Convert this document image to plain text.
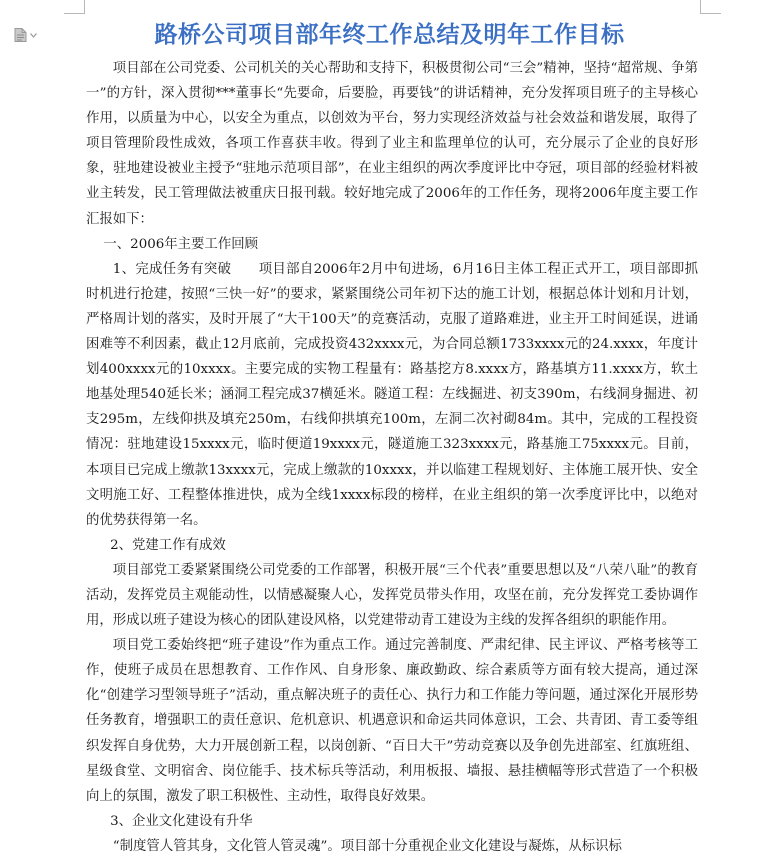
路桥公司项目部年终工作总结及明年工作目标

项目部在公司党委、公司机关的关心帮助和支持下，积极贯彻公司“三会”精神，坚持“超常规、争第一”的方针，深入贯彻***董事长“先要命，后要脸，再要钱”的讲话精神，充分发挥项目班子的主导核心作用，以质量为中心，以安全为重点，以创效为平台，努力实现经济效益与社会效益和谐发展，取得了项目管理阶段性成效，各项工作喜获丰收。得到了业主和监理单位的认可，充分展示了企业的良好形象，驻地建设被业主授予“驻地示范项目部”，在业主组织的两次季度评比中夺冠，项目部的经验材料被业主转发，民工管理做法被重庆日报刊载。较好地完成了2006年的工作任务，现将2006年度主要工作汇报如下：

一、2006年主要工作回顾

1、完成任务有突破　　项目部自2006年2月中旬进场，6月16日主体工程正式开工，项目部即抓时机进行抢建，按照“三快一好”的要求，紧紧围绕公司年初下达的施工计划，根据总体计划和月计划，严格周计划的落实，及时开展了“大干100天”的竞赛活动，克服了道路难进，业主开工时间延误，进诵困难等不利因素，截止12月底前，完成投资432xxxx元，为合同总额1733xxxx元的24.xxxx，年度计划400xxxx元的10xxxx。主要完成的实物工程量有：路基挖方8.xxxx方，路基填方11.xxxx方，软土地基处理540延长米；涵洞工程完成37横延米。隧道工程：左线掘进、初支390m，右线洞身掘进、初支295m，左线仰拱及填充250m，右线仰拱填充100m，左洞二次衬砌84m。其中，完成的工程投资情况：驻地建设15xxxx元，临时便道19xxxx元，隧道施工323xxxx元，路基施工75xxxx元。目前，本项目已完成上缴款13xxxx元，完成上缴款的10xxxx，并以临建工程规划好、主体施工展开快、安全文明施工好、工程整体推进快，成为全线1xxxx标段的榜样，在业主组织的第一次季度评比中，以绝对的优势获得第一名。

2、党建工作有成效

项目部党工委紧紧围绕公司党委的工作部署，积极开展“三个代表”重要思想以及“八荣八耻”的教育活动，发挥党员主观能动性，以情感凝聚人心，发挥党员带头作用，攻坚在前，充分发挥党工委协调作用，形成以班子建设为核心的团队建设风格，以党建带动青工建设为主线的发挥各组织的职能作用。

项目党工委始终把“班子建设”作为重点工作。通过完善制度、严肃纪律、民主评议、严格考核等工作，使班子成员在思想教育、工作作风、自身形象、廉政勤政、综合素质等方面有较大提高，通过深化“创建学习型领导班子”活动，重点解决班子的责任心、执行力和工作能力等问题，通过深化开展形势任务教育，增强职工的责任意识、危机意识、机遇意识和命运共同体意识，工会、共青团、青工委等组织发挥自身优势，大力开展创新工程，以岗创新、“百日大干”劳动竞赛以及争创先进部室、红旗班组、星级食堂、文明宿舍、岗位能手、技术标兵等活动，利用板报、墙报、悬挂横幅等形式营造了一个积极向上的氛围，激发了职工积极性、主动性，取得良好效果。

3、企业文化建设有升华

“制度管人管其身，文化管人管灵魂”。项目部十分重视企业文化建设与凝炼，从标识标
